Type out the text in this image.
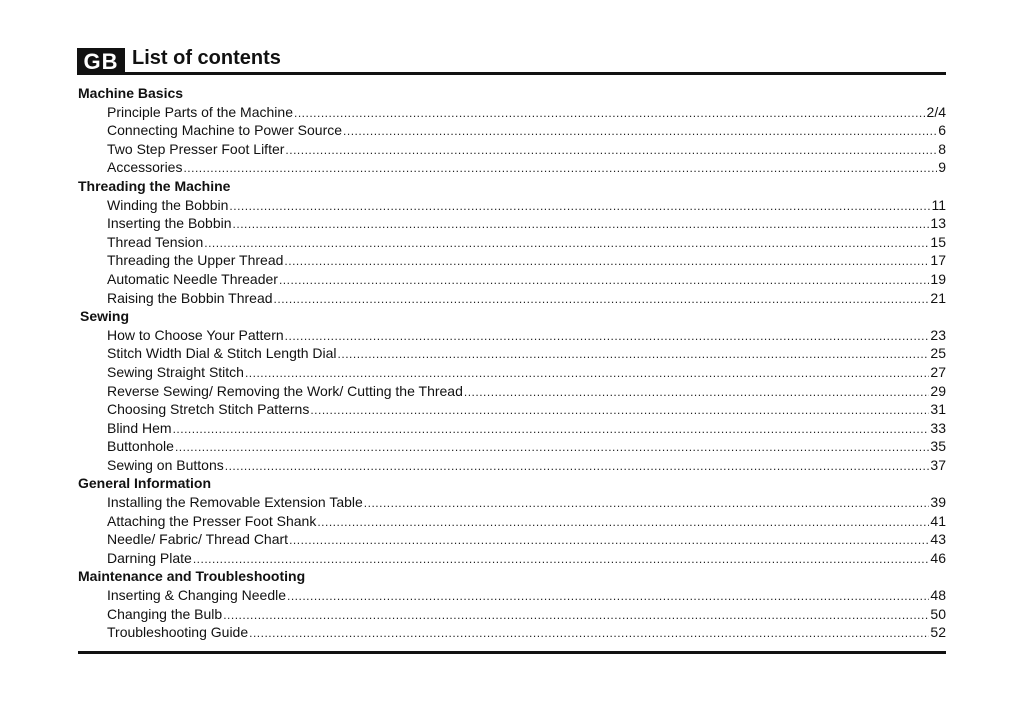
GB List of contents
Machine Basics
Principle Parts of the Machine .....	2/4
Connecting Machine to Power Source .....	6
Two Step Presser Foot Lifter .....	8
Accessories .....	9
Threading the Machine
Winding the Bobbin .....	11
Inserting the Bobbin .....	13
Thread Tension .....	15
Threading the Upper Thread .....	17
Automatic Needle Threader .....	19
Raising the Bobbin Thread .....	21
Sewing
How to Choose Your Pattern .....	23
Stitch Width Dial & Stitch Length Dial .....	25
Sewing Straight Stitch .....	27
Reverse Sewing/ Removing the Work/ Cutting the Thread .....	29
Choosing Stretch Stitch Patterns .....	31
Blind Hem .....	33
Buttonhole .....	35
Sewing on Buttons .....	37
General Information
Installing the Removable Extension Table .....	39
Attaching the Presser Foot Shank .....	41
Needle/ Fabric/ Thread Chart .....	43
Darning Plate .....	46
Maintenance and Troubleshooting
Inserting & Changing Needle .....	48
Changing the Bulb .....	50
Troubleshooting Guide .....	52
